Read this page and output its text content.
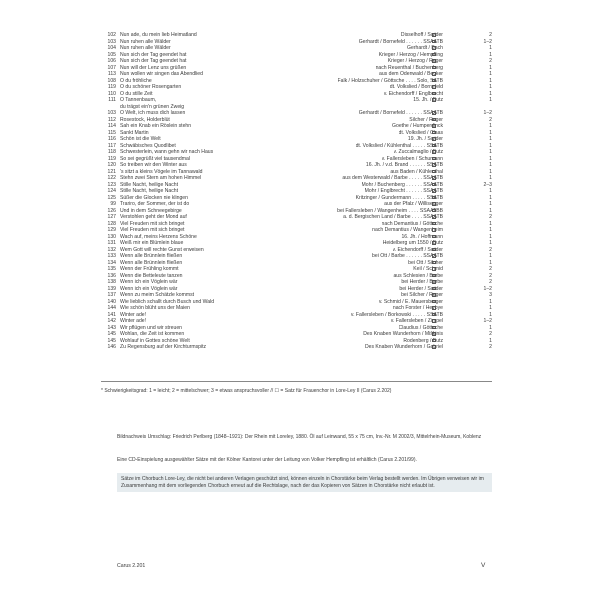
102 Nun ade, du mein lieb Heimatland	Disselhoff / Świder	2
103 Nun ruhen alle Wälder	Gerhardt / Bornefeld . . . . . . SSAATB	1–2
104 Nun ruhen alle Wälder	Gerhardt / Bach	1
105 Nun sich der Tag geendet hat	Krieger / Herzog / Hempfling	1
106 Nun sich der Tag geendet hat	Krieger / Herzog / Reger	2
107 Nun will der Lenz uns grüßen	nach Reuenthal / Buchenberg	1
113 Nun wollen wir singen das Abendlied	aus dem Odenwald / Becker	1
108 O du fröhliche	Falk / Holzschuher / Göttsche . . . . Solo, SATB	1
119 O du schöner Rosengarten	dt. Volkslied / Bornefeld	1
110 O du stille Zeit	v. Eichendorff / Englbrecht	1
111 O Tannenbaum,	15. Jh. / Butz	1
du trägst ein'n grünen Zweig
103 O Welt, ich muss dich lassen	Gerhardt / Bornefeld . . . . . . SSAATB	1–2
112 Rosestock, Holderblüt	Silcher / Reger	2
114 Sah ein Knab ein Röslein stehn	Goethe / Humperdinck	1
115 Sankt Martin	dt. Volkslied / Claas	1
116 Schön ist die Welt	19. Jh. / Świder	1
117 Schwäbisches Quodlibet	dt. Volkslied / Kühlenthal . . . . . SSATB	1
118 Schwesterlein, wann gehn wir nach Haus	v. Zuccalmaglio / Butz	1
119 So sei gegrüßt viel tausendmal	v. Fallersleben / Schumann	1
120 So treiben wir den Winter aus	16. Jh. / v.d. Brand . . . . . . SSATB	1
121 's sitzt a kleins Vögele im Tannawald	aus Baden / Kühlenthal	1
122 Stehn zwei Stern am hohen Himmel	aus dem Westerwald / Barbe . . . . . SSAATB	1
123 Stille Nacht, heilige Nacht	Mohr / Buchenberg . . . . . . SSAATB	2–3
124 Stille Nacht, heilige Nacht	Mohr / Englbrecht . . . . . . SSAATB	1
125 Süßer die Glocken nie klingen	Kritzinger / Gundermann . . . . . SSATB	1
99 Trariro, der Sommer, der ist do	aus der Pfalz / Willisegger	1
126 Und in dem Schneegebirge	bei Fallersleben / Wangenheim . . . . SSAATBB	1
127 Verstohlen geht der Mond auf	a. d. Bergischen Land / Barbe . . . . SSAATB	2
128 Viel Freuden mit sich bringet	nach Demantius / Göttsche	1
129 Viel Freuden mit sich bringet	nach Demantius / Wangenheim	1
130 Wach auf, meins Herzens Schöne	16. Jh. / Hoffmann	1
131 Weiß mir ein Blümlein blaue	Heidelberg um 1550 / Butz	1
132 Wem Gott will rechte Gunst erweisen	v. Eichendorff / Świder	2
133 Wenn alle Brünnlein fließen	bei Ott / Barbe . . . . . . SSAATB	1
134 Wenn alle Brünnlein fließen	bei Ott / Silcher	1
135 Wenn der Frühling kommt	Keil / Schmid	2
136 Wenn die Betteleute tanzen	aus Schlesien / Barbe	2
138 Wenn ich ein Vöglein wär	bei Herder / Barbe	2
139 Wenn ich ein Vöglein wär	bei Herder / Świder	1–2
137 Wenn zu meim Schätzle kommst	bei Silcher / Reger	3
140 Wie lieblich schallt durch Busch und Wald	v. Schmid / E. Mauersberger	1
144 Wie schön blüht uns der Maien	nach Forster / Heybye	1
141 Winter ade!	v. Fallersleben / Borkowski . . . . . SSATB	1
142 Winter ade!	v. Fallersleben / Zimpel	1–2
143 Wir pflügen und wir streuen	Claudius / Göttsche	1
145 Wohlan, die Zeit ist kommen	Des Knaben Wunderhorn / Miškinis	2
145 Wohlauf in Gottes schöne Welt	Rodenberg / Butz	1
146 Zu Regensburg auf der Kirchturmspitz	Des Knaben Wunderhorn / Gabriel	2
* Schwierigkeitsgrad: 1 = leicht; 2 = mittelschwer; 3 = etwas anspruchsvoller // ☐ = Satz für Frauenchor in Lore-Ley II (Carus 2.202)
Bildnachweis Umschlag: Friedrich Perlberg (1848–1921): Der Rhein mit Loreley, 1880. Öl auf Leinwand, 55 x 75 cm, Inv.-Nr. M 2002/3, Mittelrhein-Museum, Koblenz
Eine CD-Einspielung ausgewählter Sätze mit der Kölner Kantorei unter der Leitung von Volker Hempfling ist erhältlich (Carus 2.201/99).
Sätze im Chorbuch Lore-Ley, die nicht bei anderen Verlagen geschützt sind, können einzeln in Chorstärke beim Verlag bestellt werden. Im Übrigen verweisen wir im Zusammenhang mit dem vorliegenden Chorbuch erneut auf die Rechtslage, nach der das Kopieren von Sätzen in Chorstärke nicht erlaubt ist.
Carus 2.201	V
